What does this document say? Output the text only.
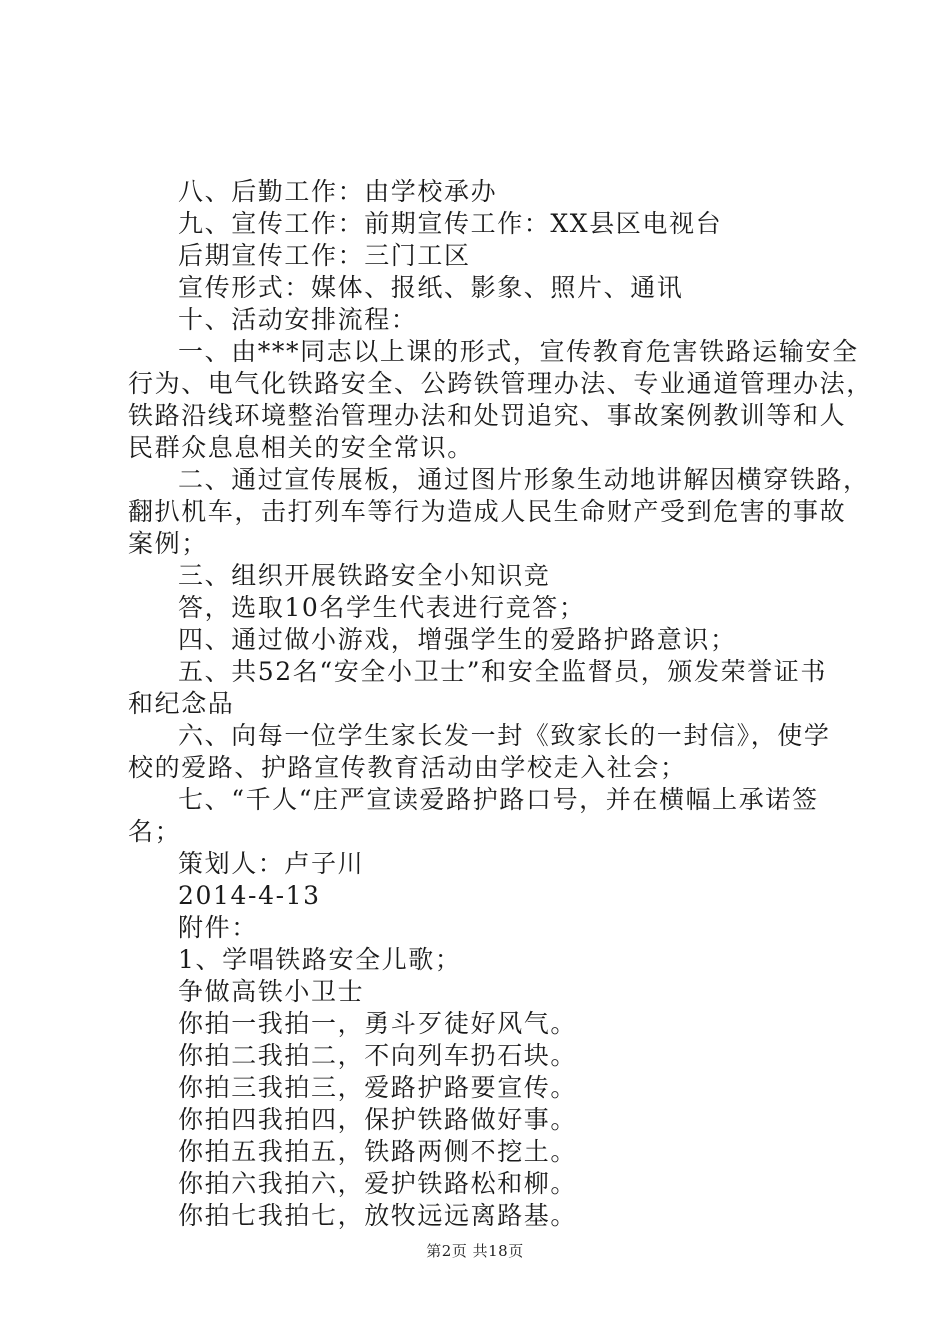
八、后勤工作：由学校承办
九、宣传工作：前期宣传工作：XX县区电视台
后期宣传工作：三门工区
宣传形式：媒体、报纸、影象、照片、通讯
十、活动安排流程：
一、由***同志以上课的形式，宣传教育危害铁路运输安全
行为、电气化铁路安全、公跨铁管理办法、专业通道管理办法，
铁路沿线环境整治管理办法和处罚追究、事故案例教训等和人
民群众息息相关的安全常识。
二、通过宣传展板，通过图片形象生动地讲解因横穿铁路，
翻扒机车，击打列车等行为造成人民生命财产受到危害的事故
案例；
三、组织开展铁路安全小知识竞
答，选取10名学生代表进行竞答；
四、通过做小游戏，增强学生的爱路护路意识；
五、共52名“安全小卫士”和安全监督员，颁发荣誉证书
和纪念品
六、向每一位学生家长发一封《致家长的一封信》，使学
校的爱路、护路宣传教育活动由学校走入社会；
七、“千人“庄严宣读爱路护路口号，并在横幅上承诺签
名；
策划人：卢子川
2014-4-13
附件：
1、学唱铁路安全儿歌；
争做高铁小卫士
你拍一我拍一，勇斗歹徒好风气。
你拍二我拍二，不向列车扔石块。
你拍三我拍三，爱路护路要宣传。
你拍四我拍四，保护铁路做好事。
你拍五我拍五，铁路两侧不挖土。
你拍六我拍六，爱护铁路松和柳。
你拍七我拍七，放牧远远离路基。
第2页 共18页
